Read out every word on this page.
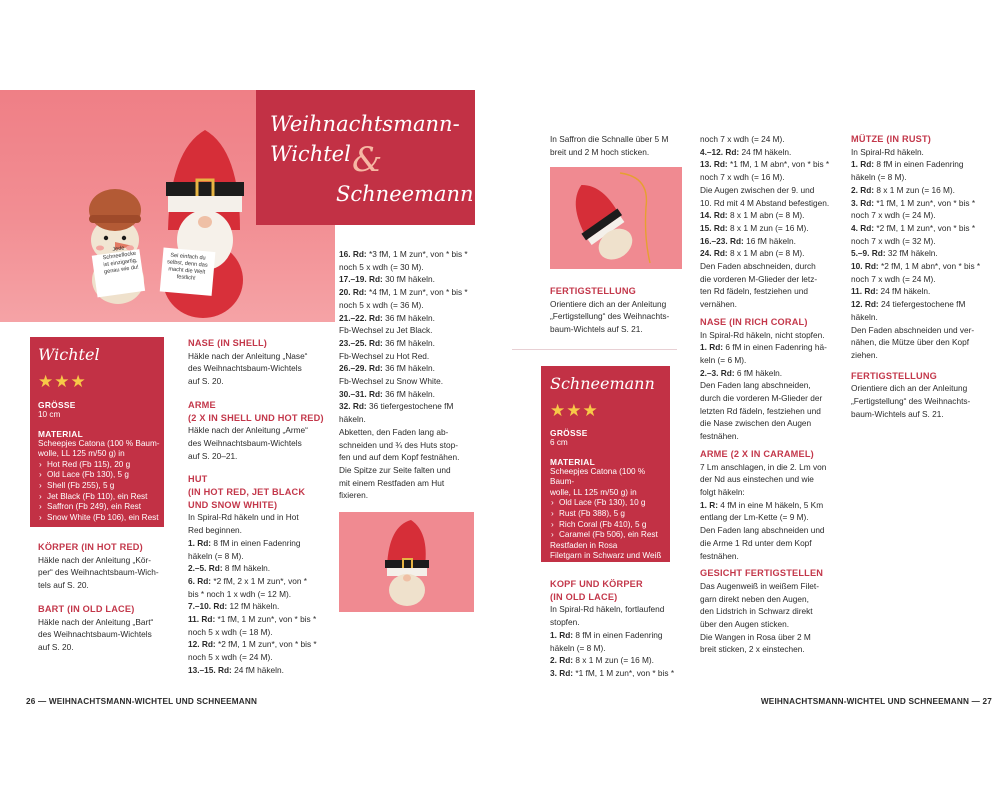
Jede Schneeflocke ist einzigartig, genau wie du!
Sei einfach du selbst, denn das macht die Welt festlich!
Weihnachtsmann-
Wichtel &
Schneemann
Wichtel
★★★
GRÖSSE
10 cm
MATERIAL
Scheepjes Catona (100 % Baum-
wolle, LL 125 m/50 g) in
› Hot Red (Fb 115), 20 g
› Old Lace (Fb 130), 5 g
› Shell (Fb 255), 5 g
› Jet Black (Fb 110), ein Rest
› Saffron (Fb 249), ein Rest
› Snow White (Fb 106), ein Rest
KÖRPER (IN HOT RED)

Häkle nach der Anleitung „Kör-

per“ des Weihnachtsbaum-Wich-

tels auf S. 20.

BART (IN OLD LACE)

Häkle nach der Anleitung „Bart“

des Weihnachtsbaum-Wichtels

auf S. 20.

NASE (IN SHELL)

Häkle nach der Anleitung „Nase“

des Weihnachtsbaum-Wichtels

auf S. 20.

ARME
(2 X IN SHELL UND HOT RED)

Häkle nach der Anleitung „Arme“

des Weihnachtsbaum-Wichtels

auf S. 20–21.

HUT
(IN HOT RED, JET BLACK
UND SNOW WHITE)

In Spiral-Rd häkeln und in Hot

Red beginnen.

1. Rd: 8 fM in einen Fadenring

häkeln (= 8 M).

2.–5. Rd: 8 fM häkeln.

6. Rd: *2 fM, 2 x 1 M zun*, von *

bis * noch 1 x wdh (= 12 M).

7.–10. Rd: 12 fM häkeln.

11. Rd: *1 fM, 1 M zun*, von * bis *

noch 5 x wdh (= 18 M).

12. Rd: *2 fM, 1 M zun*, von * bis *

noch 5 x wdh (= 24 M).

13.–15. Rd: 24 fM häkeln.

16. Rd: *3 fM, 1 M zun*, von * bis *

noch 5 x wdh (= 30 M).

17.–19. Rd: 30 fM häkeln.

20. Rd: *4 fM, 1 M zun*, von * bis *

noch 5 x wdh (= 36 M).

21.–22. Rd: 36 fM häkeln.

Fb-Wechsel zu Jet Black.

23.–25. Rd: 36 fM häkeln.

Fb-Wechsel zu Hot Red.

26.–29. Rd: 36 fM häkeln.

Fb-Wechsel zu Snow White.

30.–31. Rd: 36 fM häkeln.

32. Rd: 36 tiefergestochene fM

häkeln.

Abketten, den Faden lang ab-

schneiden und ¾ des Huts stop-

fen und auf dem Kopf festnähen.

Die Spitze zur Seite falten und

mit einem Restfaden am Hut

fixieren.

In Saffron die Schnalle über 5 M

breit und 2 M hoch sticken.

FERTIGSTELLUNG

Orientiere dich an der Anleitung

„Fertigstellung“ des Weihnachts-

baum-Wichtels auf S. 21.

Schneemann
★★★
GRÖSSE
6 cm
MATERIAL
Scheepjes Catona (100 % Baum-
wolle, LL 125 m/50 g) in
› Old Lace (Fb 130), 10 g
› Rust (Fb 388), 5 g
› Rich Coral (Fb 410), 5 g
› Caramel (Fb 506), ein Rest
Restfaden in Rosa
Filetgarn in Schwarz und Weiß
Sicherheitsaugen ø 6 mm
KOPF UND KÖRPER
(IN OLD LACE)

In Spiral-Rd häkeln, fortlaufend

stopfen.

1. Rd: 8 fM in einen Fadenring

häkeln (= 8 M).

2. Rd: 8 x 1 M zun (= 16 M).

3. Rd: *1 fM, 1 M zun*, von * bis *

noch 7 x wdh (= 24 M).

4.–12. Rd: 24 fM häkeln.

13. Rd: *1 fM, 1 M abn*, von * bis *

noch 7 x wdh (= 16 M).

Die Augen zwischen der 9. und

10. Rd mit 4 M Abstand befestigen.

14. Rd: 8 x 1 M abn (= 8 M).

15. Rd: 8 x 1 M zun (= 16 M).

16.–23. Rd: 16 fM häkeln.

24. Rd: 8 x 1 M abn (= 8 M).

Den Faden abschneiden, durch

die vorderen M-Glieder der letz-

ten Rd fädeln, festziehen und

vernähen.

NASE (IN RICH CORAL)

In Spiral-Rd häkeln, nicht stopfen.

1. Rd: 6 fM in einen Fadenring hä-

keln (= 6 M).

2.–3. Rd: 6 fM häkeln.

Den Faden lang abschneiden,

durch die vorderen M-Glieder der

letzten Rd fädeln, festziehen und

die Nase zwischen den Augen

festnähen.

ARME (2 X IN CARAMEL)

7 Lm anschlagen, in die 2. Lm von

der Nd aus einstechen und wie

folgt häkeln:

1. R: 4 fM in eine M häkeln, 5 Km

entlang der Lm-Kette (= 9 M).

Den Faden lang abschneiden und

die Arme 1 Rd unter dem Kopf

festnähen.

GESICHT FERTIGSTELLEN

Das Augenweiß in weißem Filet-

garn direkt neben den Augen,

den Lidstrich in Schwarz direkt

über den Augen sticken.

Die Wangen in Rosa über 2 M

breit sticken, 2 x einstechen.

MÜTZE (IN RUST)

In Spiral-Rd häkeln.

1. Rd: 8 fM in einen Fadenring

häkeln (= 8 M).

2. Rd: 8 x 1 M zun (= 16 M).

3. Rd: *1 fM, 1 M zun*, von * bis *

noch 7 x wdh (= 24 M).

4. Rd: *2 fM, 1 M zun*, von * bis *

noch 7 x wdh (= 32 M).

5.–9. Rd: 32 fM häkeln.

10. Rd: *2 fM, 1 M abn*, von * bis *

noch 7 x wdh (= 24 M).

11. Rd: 24 fM häkeln.

12. Rd: 24 tiefergestochene fM

häkeln.

Den Faden abschneiden und ver-

nähen, die Mütze über den Kopf

ziehen.

FERTIGSTELLUNG

Orientiere dich an der Anleitung

„Fertigstellung“ des Weihnachts-

baum-Wichtels auf S. 21.

26 — WEIHNACHTSMANN-WICHTEL UND SCHNEEMANN	WEIHNACHTSMANN-WICHTEL UND SCHNEEMANN — 27
